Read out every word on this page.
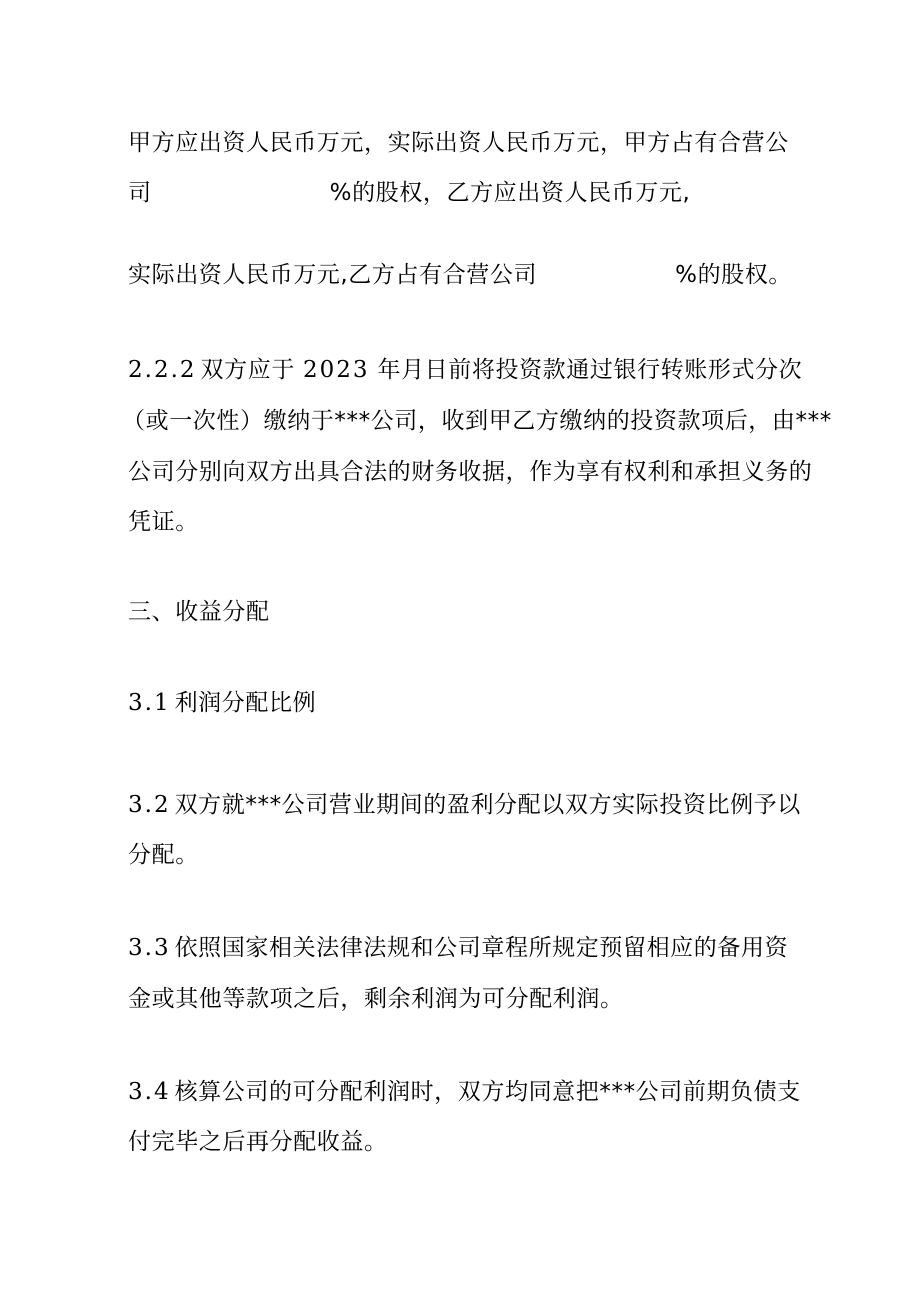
甲方应出资人民币万元，实际出资人民币万元，甲方占有合营公
司	%的股权，乙方应出资人民币万元,
实际出资人民币万元,乙方占有合营公司	%的股权。
2.2.2 双方应于 2023 年月日前将投资款通过银行转账形式分次
（或一次性）缴纳于***公司，收到甲乙方缴纳的投资款项后，由***
公司分别向双方出具合法的财务收据，作为享有权利和承担义务的
凭证。
三、收益分配
3.1 利润分配比例
3.2 双方就***公司营业期间的盈利分配以双方实际投资比例予以
分配。
3.3 依照国家相关法律法规和公司章程所规定预留相应的备用资
金或其他等款项之后，剩余利润为可分配利润。
3.4 核算公司的可分配利润时，双方均同意把***公司前期负债支
付完毕之后再分配收益。
